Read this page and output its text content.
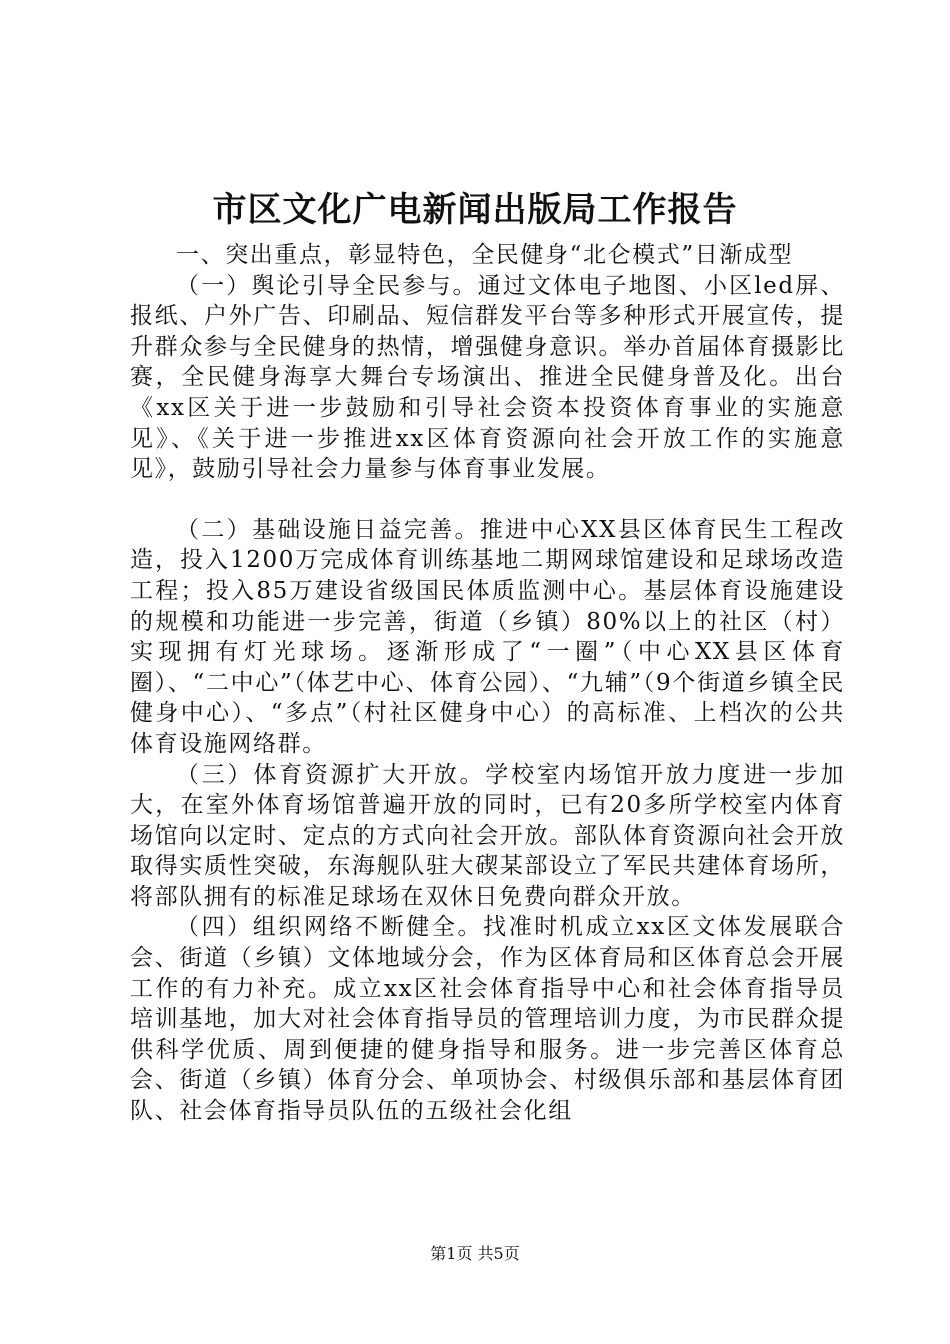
市区文化广电新闻出版局工作报告

一、突出重点，彰显特色，全民健身“北仑模式”日渐成型

（一）舆论引导全民参与。通过文体电子地图、小区led屏、报纸、户外广告、印刷品、短信群发平台等多种形式开展宣传，提升群众参与全民健身的热情，增强健身意识。举办首届体育摄影比赛，全民健身海享大舞台专场演出、推进全民健身普及化。出台《xx区关于进一步鼓励和引导社会资本投资体育事业的实施意见》、《关于进一步推进xx区体育资源向社会开放工作的实施意见》，鼓励引导社会力量参与体育事业发展。

（二）基础设施日益完善。推进中心XX县区体育民生工程改造，投入1200万完成体育训练基地二期网球馆建设和足球场改造工程；投入85万建设省级国民体质监测中心。基层体育设施建设的规模和功能进一步完善，街道（乡镇）80%以上的社区（村）实现拥有灯光球场。逐渐形成了“一圈”（中心XX县区体育圈）、“二中心”（体艺中心、体育公园）、“九辅”（9个街道乡镇全民健身中心）、“多点”（村社区健身中心）的高标准、上档次的公共体育设施网络群。

（三）体育资源扩大开放。学校室内场馆开放力度进一步加大，在室外体育场馆普遍开放的同时，已有20多所学校室内体育场馆向以定时、定点的方式向社会开放。部队体育资源向社会开放取得实质性突破，东海舰队驻大碶某部设立了军民共建体育场所，将部队拥有的标准足球场在双休日免费向群众开放。

（四）组织网络不断健全。找准时机成立xx区文体发展联合会、街道（乡镇）文体地域分会，作为区体育局和区体育总会开展工作的有力补充。成立xx区社会体育指导中心和社会体育指导员培训基地，加大对社会体育指导员的管理培训力度，为市民群众提供科学优质、周到便捷的健身指导和服务。进一步完善区体育总会、街道（乡镇）体育分会、单项协会、村级俱乐部和基层体育团队、社会体育指导员队伍的五级社会化组

第1页 共5页
